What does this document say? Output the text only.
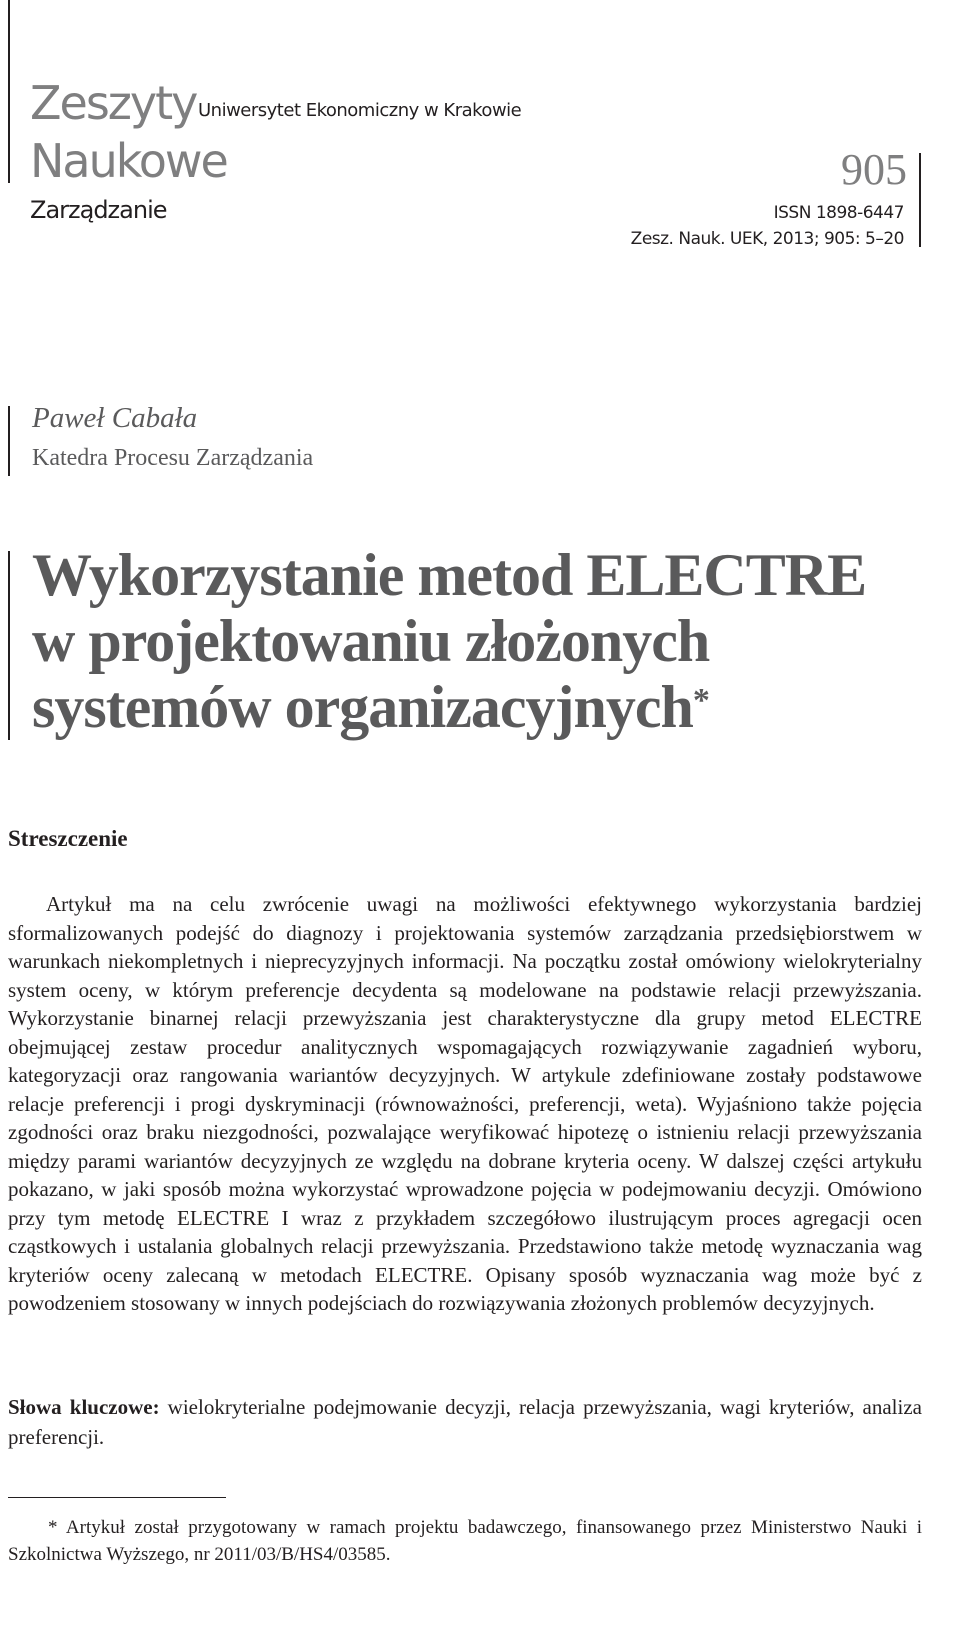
Zeszyty
Naukowe
Uniwersytet Ekonomiczny w Krakowie
Zarządzanie
905
ISSN 1898-6447
Zesz. Nauk. UEK, 2013; 905: 5–20
Paweł Cabała
Katedra Procesu Zarządzania
Wykorzystanie metod ELECTRE
w projektowaniu złożonych
systemów organizacyjnych*
Streszczenie

Artykuł ma na celu zwrócenie uwagi na możliwości efektywnego wykorzystania bardziej sformalizowanych podejść do diagnozy i projektowania systemów zarządzania przedsiębiorstwem w warunkach niekompletnych i nieprecyzyjnych informacji. Na początku został omówiony wielokryterialny system oceny, w którym preferencje decydenta są modelowane na podstawie relacji przewyższania. Wykorzystanie binarnej relacji przewyższania jest charakterystyczne dla grupy metod ELECTRE obejmującej zestaw procedur analitycznych wspomagających rozwiązywanie zagadnień wyboru, kategoryzacji oraz rangowania wariantów decyzyjnych. W artykule zdefiniowane zostały podstawowe relacje preferencji i progi dyskryminacji (równoważności, preferencji, weta). Wyjaśniono także pojęcia zgodności oraz braku niezgodności, pozwalające weryfikować hipotezę o istnieniu relacji przewyższania między parami wariantów decyzyjnych ze względu na dobrane kryteria oceny. W dalszej części artykułu pokazano, w jaki sposób można wykorzystać wprowadzone pojęcia w podejmowaniu decyzji. Omówiono przy tym metodę ELECTRE I wraz z przykładem szczegółowo ilustrującym proces agregacji ocen cząstkowych i ustalania globalnych relacji przewyższania. Przedstawiono także metodę wyznaczania wag kryteriów oceny zalecaną w metodach ELECTRE. Opisany sposób wyznaczania wag może być z powodzeniem stosowany w innych podejściach do rozwiązywania złożonych problemów decyzyjnych.

Słowa kluczowe: wielokryterialne podejmowanie decyzji, relacja przewyższania, wagi kryteriów, analiza preferencji.

* Artykuł został przygotowany w ramach projektu badawczego, finansowanego przez Ministerstwo Nauki i Szkolnictwa Wyższego, nr 2011/03/B/HS4/03585.
